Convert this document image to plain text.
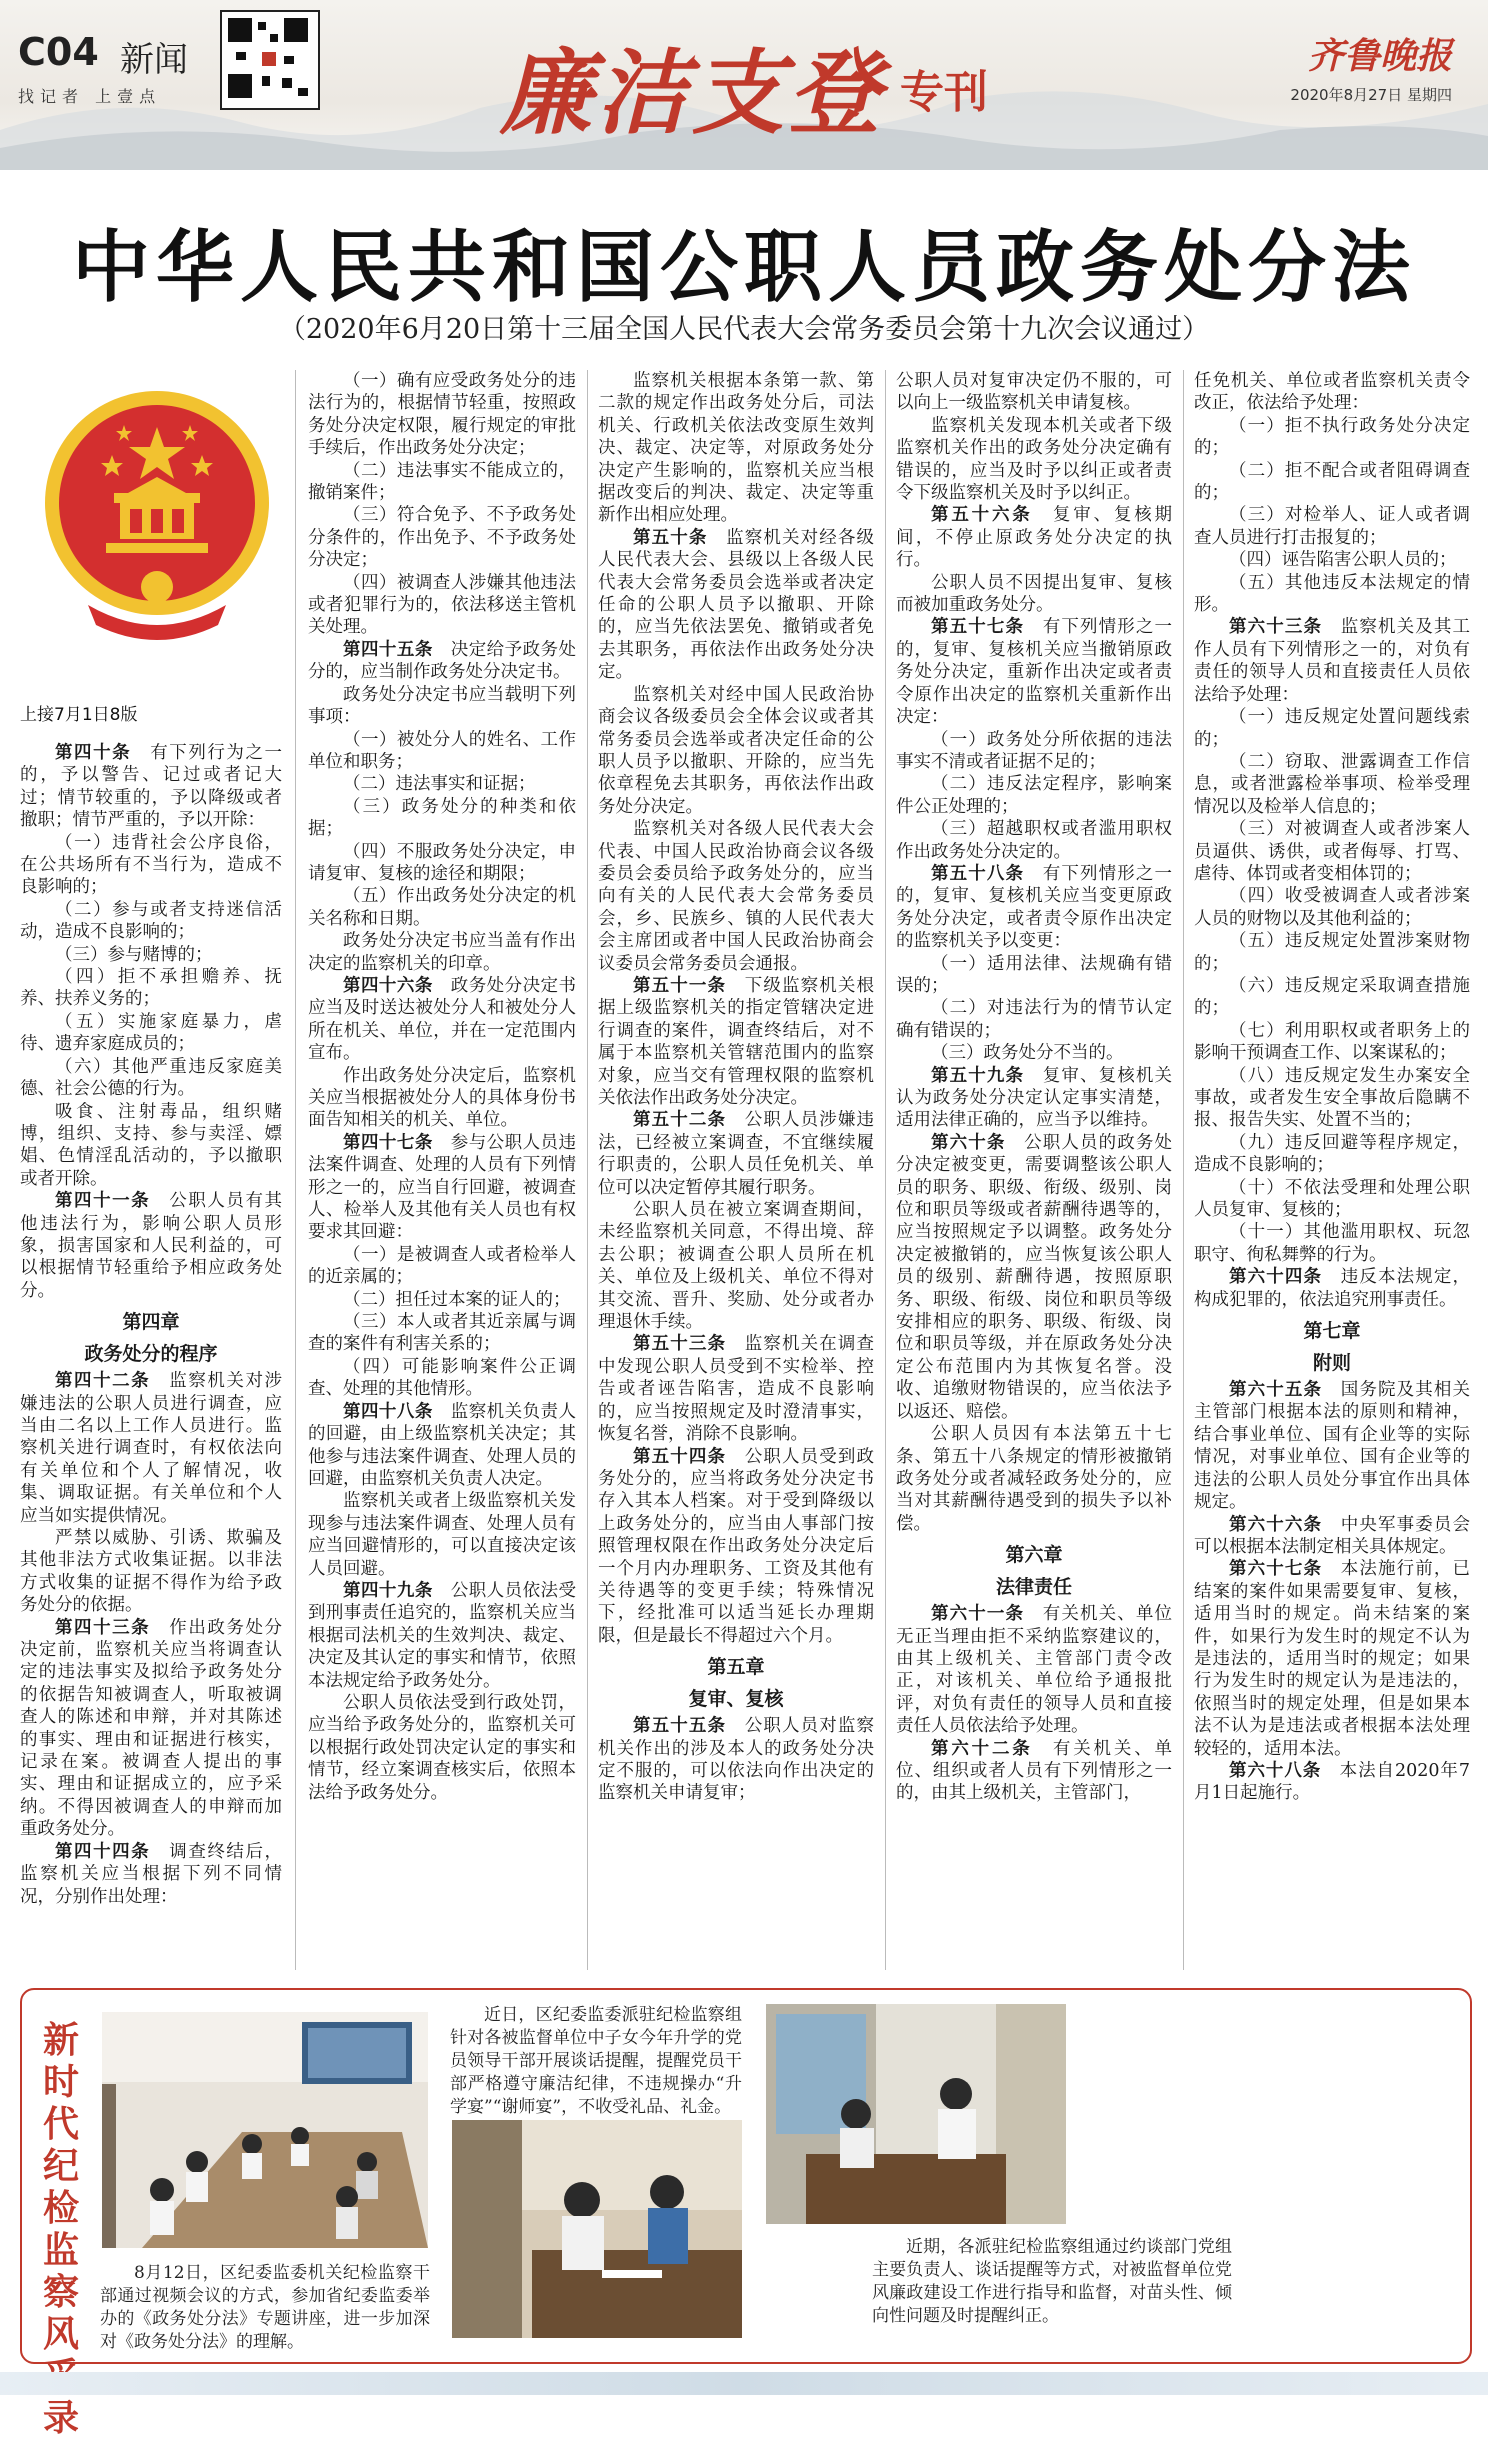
C04 新闻
找记者 上壹点	廉洁支登 专刊
齐鲁晚报
2020年8月27日 星期四
中华人民共和国公职人员政务处分法
（2020年6月20日第十三届全国人民代表大会常务委员会第十九次会议通过）
上接7月1日8版

第四十条　有下列行为之一的，予以警告、记过或者记大过；情节较重的，予以降级或者撤职；情节严重的，予以开除：

（一）违背社会公序良俗，在公共场所有不当行为，造成不良影响的；

（二）参与或者支持迷信活动，造成不良影响的；

（三）参与赌博的；

（四）拒不承担赡养、抚养、扶养义务的；

（五）实施家庭暴力，虐待、遗弃家庭成员的；

（六）其他严重违反家庭美德、社会公德的行为。

吸食、注射毒品，组织赌博，组织、支持、参与卖淫、嫖娼、色情淫乱活动的，予以撤职或者开除。

第四十一条　公职人员有其他违法行为，影响公职人员形象，损害国家和人民利益的，可以根据情节轻重给予相应政务处分。

第四章
政务处分的程序

第四十二条　监察机关对涉嫌违法的公职人员进行调查，应当由二名以上工作人员进行。监察机关进行调查时，有权依法向有关单位和个人了解情况，收集、调取证据。有关单位和个人应当如实提供情况。

严禁以威胁、引诱、欺骗及其他非法方式收集证据。以非法方式收集的证据不得作为给予政务处分的依据。

第四十三条　作出政务处分决定前，监察机关应当将调查认定的违法事实及拟给予政务处分的依据告知被调查人，听取被调查人的陈述和申辩，并对其陈述的事实、理由和证据进行核实，记录在案。被调查人提出的事实、理由和证据成立的，应予采纳。不得因被调查人的申辩而加重政务处分。

第四十四条　调查终结后，监察机关应当根据下列不同情况，分别作出处理：

（一）确有应受政务处分的违法行为的，根据情节轻重，按照政务处分决定权限，履行规定的审批手续后，作出政务处分决定；

（二）违法事实不能成立的，撤销案件；

（三）符合免予、不予政务处分条件的，作出免予、不予政务处分决定；

（四）被调查人涉嫌其他违法或者犯罪行为的，依法移送主管机关处理。

第四十五条　决定给予政务处分的，应当制作政务处分决定书。

政务处分决定书应当载明下列事项：

（一）被处分人的姓名、工作单位和职务；

（二）违法事实和证据；

（三）政务处分的种类和依据；

（四）不服政务处分决定，申请复审、复核的途径和期限；

（五）作出政务处分决定的机关名称和日期。

政务处分决定书应当盖有作出决定的监察机关的印章。

第四十六条　政务处分决定书应当及时送达被处分人和被处分人所在机关、单位，并在一定范围内宣布。

作出政务处分决定后，监察机关应当根据被处分人的具体身份书面告知相关的机关、单位。

第四十七条　参与公职人员违法案件调查、处理的人员有下列情形之一的，应当自行回避，被调查人、检举人及其他有关人员也有权要求其回避：

（一）是被调查人或者检举人的近亲属的；

（二）担任过本案的证人的；

（三）本人或者其近亲属与调查的案件有利害关系的；

（四）可能影响案件公正调查、处理的其他情形。

第四十八条　监察机关负责人的回避，由上级监察机关决定；其他参与违法案件调查、处理人员的回避，由监察机关负责人决定。

监察机关或者上级监察机关发现参与违法案件调查、处理人员有应当回避情形的，可以直接决定该人员回避。

第四十九条　公职人员依法受到刑事责任追究的，监察机关应当根据司法机关的生效判决、裁定、决定及其认定的事实和情节，依照本法规定给予政务处分。

公职人员依法受到行政处罚，应当给予政务处分的，监察机关可以根据行政处罚决定认定的事实和情节，经立案调查核实后，依照本法给予政务处分。

监察机关根据本条第一款、第二款的规定作出政务处分后，司法机关、行政机关依法改变原生效判决、裁定、决定等，对原政务处分决定产生影响的，监察机关应当根据改变后的判决、裁定、决定等重新作出相应处理。

第五十条　监察机关对经各级人民代表大会、县级以上各级人民代表大会常务委员会选举或者决定任命的公职人员予以撤职、开除的，应当先依法罢免、撤销或者免去其职务，再依法作出政务处分决定。

监察机关对经中国人民政治协商会议各级委员会全体会议或者其常务委员会选举或者决定任命的公职人员予以撤职、开除的，应当先依章程免去其职务，再依法作出政务处分决定。

监察机关对各级人民代表大会代表、中国人民政治协商会议各级委员会委员给予政务处分的，应当向有关的人民代表大会常务委员会，乡、民族乡、镇的人民代表大会主席团或者中国人民政治协商会议委员会常务委员会通报。

第五十一条　下级监察机关根据上级监察机关的指定管辖决定进行调查的案件，调查终结后，对不属于本监察机关管辖范围内的监察对象，应当交有管理权限的监察机关依法作出政务处分决定。

第五十二条　公职人员涉嫌违法，已经被立案调查，不宜继续履行职责的，公职人员任免机关、单位可以决定暂停其履行职务。

公职人员在被立案调查期间，未经监察机关同意，不得出境、辞去公职；被调查公职人员所在机关、单位及上级机关、单位不得对其交流、晋升、奖励、处分或者办理退休手续。

第五十三条　监察机关在调查中发现公职人员受到不实检举、控告或者诬告陷害，造成不良影响的，应当按照规定及时澄清事实，恢复名誉，消除不良影响。

第五十四条　公职人员受到政务处分的，应当将政务处分决定书存入其本人档案。对于受到降级以上政务处分的，应当由人事部门按照管理权限在作出政务处分决定后一个月内办理职务、工资及其他有关待遇等的变更手续；特殊情况下，经批准可以适当延长办理期限，但是最长不得超过六个月。

第五章
复审、复核

第五十五条　公职人员对监察机关作出的涉及本人的政务处分决定不服的，可以依法向作出决定的监察机关申请复审；

公职人员对复审决定仍不服的，可以向上一级监察机关申请复核。

监察机关发现本机关或者下级监察机关作出的政务处分决定确有错误的，应当及时予以纠正或者责令下级监察机关及时予以纠正。

第五十六条　复审、复核期间，不停止原政务处分决定的执行。

公职人员不因提出复审、复核而被加重政务处分。

第五十七条　有下列情形之一的，复审、复核机关应当撤销原政务处分决定，重新作出决定或者责令原作出决定的监察机关重新作出决定：

（一）政务处分所依据的违法事实不清或者证据不足的；

（二）违反法定程序，影响案件公正处理的；

（三）超越职权或者滥用职权作出政务处分决定的。

第五十八条　有下列情形之一的，复审、复核机关应当变更原政务处分决定，或者责令原作出决定的监察机关予以变更：

（一）适用法律、法规确有错误的；

（二）对违法行为的情节认定确有错误的；

（三）政务处分不当的。

第五十九条　复审、复核机关认为政务处分决定认定事实清楚，适用法律正确的，应当予以维持。

第六十条　公职人员的政务处分决定被变更，需要调整该公职人员的职务、职级、衔级、级别、岗位和职员等级或者薪酬待遇等的，应当按照规定予以调整。政务处分决定被撤销的，应当恢复该公职人员的级别、薪酬待遇，按照原职务、职级、衔级、岗位和职员等级安排相应的职务、职级、衔级、岗位和职员等级，并在原政务处分决定公布范围内为其恢复名誉。没收、追缴财物错误的，应当依法予以返还、赔偿。

公职人员因有本法第五十七条、第五十八条规定的情形被撤销政务处分或者减轻政务处分的，应当对其薪酬待遇受到的损失予以补偿。

第六章
法律责任

第六十一条　有关机关、单位无正当理由拒不采纳监察建议的，由其上级机关、主管部门责令改正，对该机关、单位给予通报批评，对负有责任的领导人员和直接责任人员依法给予处理。

第六十二条　有关机关、单位、组织或者人员有下列情形之一的，由其上级机关，主管部门，

任免机关、单位或者监察机关责令改正，依法给予处理：

（一）拒不执行政务处分决定的；

（二）拒不配合或者阻碍调查的；

（三）对检举人、证人或者调查人员进行打击报复的；

（四）诬告陷害公职人员的；

（五）其他违反本法规定的情形。

第六十三条　监察机关及其工作人员有下列情形之一的，对负有责任的领导人员和直接责任人员依法给予处理：

（一）违反规定处置问题线索的；

（二）窃取、泄露调查工作信息，或者泄露检举事项、检举受理情况以及检举人信息的；

（三）对被调查人或者涉案人员逼供、诱供，或者侮辱、打骂、虐待、体罚或者变相体罚的；

（四）收受被调查人或者涉案人员的财物以及其他利益的；

（五）违反规定处置涉案财物的；

（六）违反规定采取调查措施的；

（七）利用职权或者职务上的影响干预调查工作、以案谋私的；

（八）违反规定发生办案安全事故，或者发生安全事故后隐瞒不报、报告失实、处置不当的；

（九）违反回避等程序规定，造成不良影响的；

（十）不依法受理和处理公职人员复审、复核的；

（十一）其他滥用职权、玩忽职守、徇私舞弊的行为。

第六十四条　违反本法规定，构成犯罪的，依法追究刑事责任。

第七章
附则

第六十五条　国务院及其相关主管部门根据本法的原则和精神，结合事业单位、国有企业等的实际情况，对事业单位、国有企业等的违法的公职人员处分事宜作出具体规定。

第六十六条　中央军事委员会可以根据本法制定相关具体规定。

第六十七条　本法施行前，已结案的案件如果需要复审、复核，适用当时的规定。尚未结案的案件，如果行为发生时的规定不认为是违法的，适用当时的规定；如果行为发生时的规定认为是违法的，依照当时的规定处理，但是如果本法不认为是违法或者根据本法处理较轻的，适用本法。

第六十八条　本法自2020年7月1日起施行。

新时代纪检监察风 录
8月12日，区纪委监委机关纪检监察干部通过视频会议的方式，参加省纪委监委举办的《政务处分法》专题讲座，进一步加深对《政务处分法》的理解。
近日，区纪委监委派驻纪检监察组针对各被监督单位中子女今年升学的党员领导干部开展谈话提醒，提醒党员干部严格遵守廉洁纪律，不违规操办“升学宴”“谢师宴”，不收受礼品、礼金。
近期，各派驻纪检监察组通过约谈部门党组主要负责人、谈话提醒等方式，对被监督单位党风廉政建设工作进行指导和监督，对苗头性、倾向性问题及时提醒纠正。
